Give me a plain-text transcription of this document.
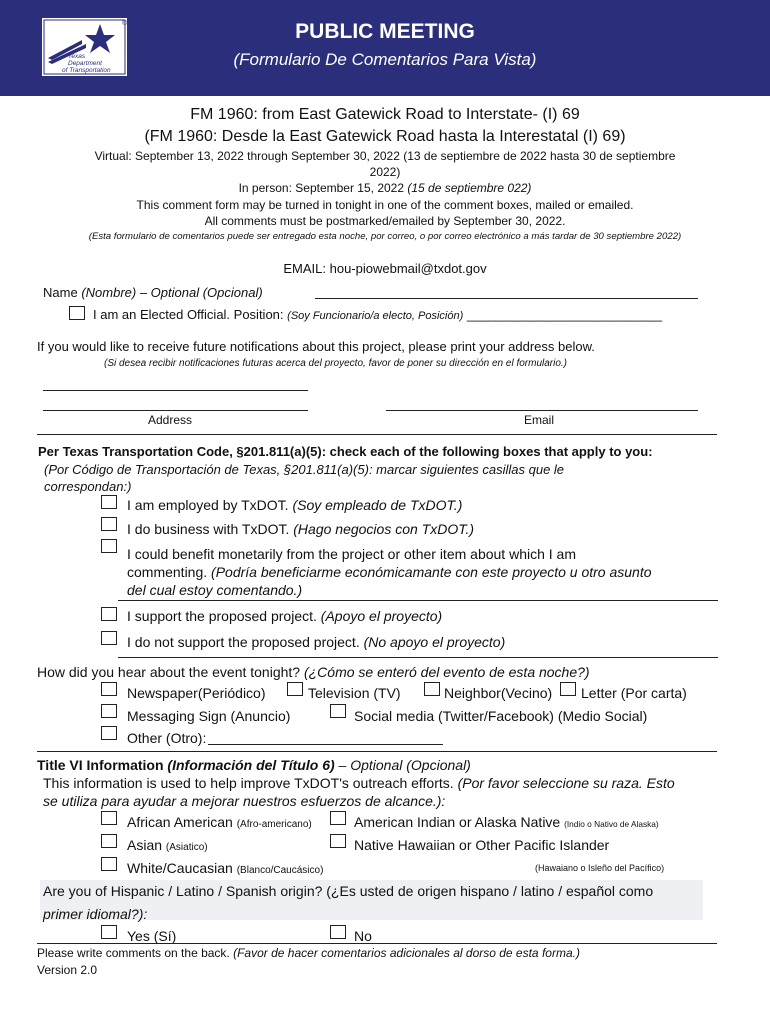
®
Texas
Department
of Transportation
PUBLIC MEETING
(Formulario De Comentarios Para Vista)
FM 1960: from East Gatewick Road to Interstate- (I) 69
(FM 1960: Desde la East Gatewick Road hasta la Interestatal (I) 69)
Virtual: September 13, 2022 through September 30, 2022 (13 de septiembre de 2022 hasta 30 de septiembre
2022)
In person: September 15, 2022 (15 de septiembre 022)
This comment form may be turned in tonight in one of the comment boxes, mailed or emailed.
All comments must be postmarked/emailed by September 30, 2022.
(Esta formulario de comentarios puede ser entregado esta noche, por correo, o por correo electrónico a más tardar de 30 septiembre 2022)
EMAIL: hou-piowebmail@txdot.gov
Name (Nombre) – Optional (Opcional)
I am an Elected Official. Position: (Soy Funcionario/a electo, Posición) ___________________________
If you would like to receive future notifications about this project, please print your address below.
(Si desea recibir notificaciones futuras acerca del proyecto, favor de poner su dirección en el formulario.)
Address	Email
Per Texas Transportation Code, §201.811(a)(5): check each of the following boxes that apply to you:
(Por Código de Transportación de Texas, §201.811(a)(5): marcar siguientes casillas que le
correspondan:)
I am employed by TxDOT. (Soy empleado de TxDOT.)
I do business with TxDOT. (Hago negocios con TxDOT.)
I could benefit monetarily from the project or other item about which I am
commenting. (Podría beneficiarme económicamante con este proyecto u otro asunto
del cual estoy comentando.)
I support the proposed project. (Apoyo el proyecto)
I do not support the proposed project. (No apoyo el proyecto)
How did you hear about the event tonight? (¿Cómo se enteró del evento de esta noche?)
Newspaper(Periódico)	Television (TV)	Neighbor(Vecino) Letter (Por carta)
Messaging Sign (Anuncio)	Social media (Twitter/Facebook) (Medio Social)
Other (Otro):
Title VI Information (Información del Título 6) – Optional (Opcional)
This information is used to help improve TxDOT's outreach efforts. (Por favor seleccione su raza. Esto
se utiliza para ayudar a mejorar nuestros esfuerzos de alcance.):
African American (Afro-americano)	American Indian or Alaska Native (Indio o Nativo de Alaska)
Asian (Asiatico)	Native Hawaiian or Other Pacific Islander
White/Caucasian (Blanco/Caucásico)	(Hawaiano o Isleño del Pacífico)
Are you of Hispanic / Latino / Spanish origin? (¿Es usted de origen hispano / latino / español como
primer idiomal?):
Yes (Sí)	No
Please write comments on the back. (Favor de hacer comentarios adicionales al dorso de esta forma.)
Version 2.0
